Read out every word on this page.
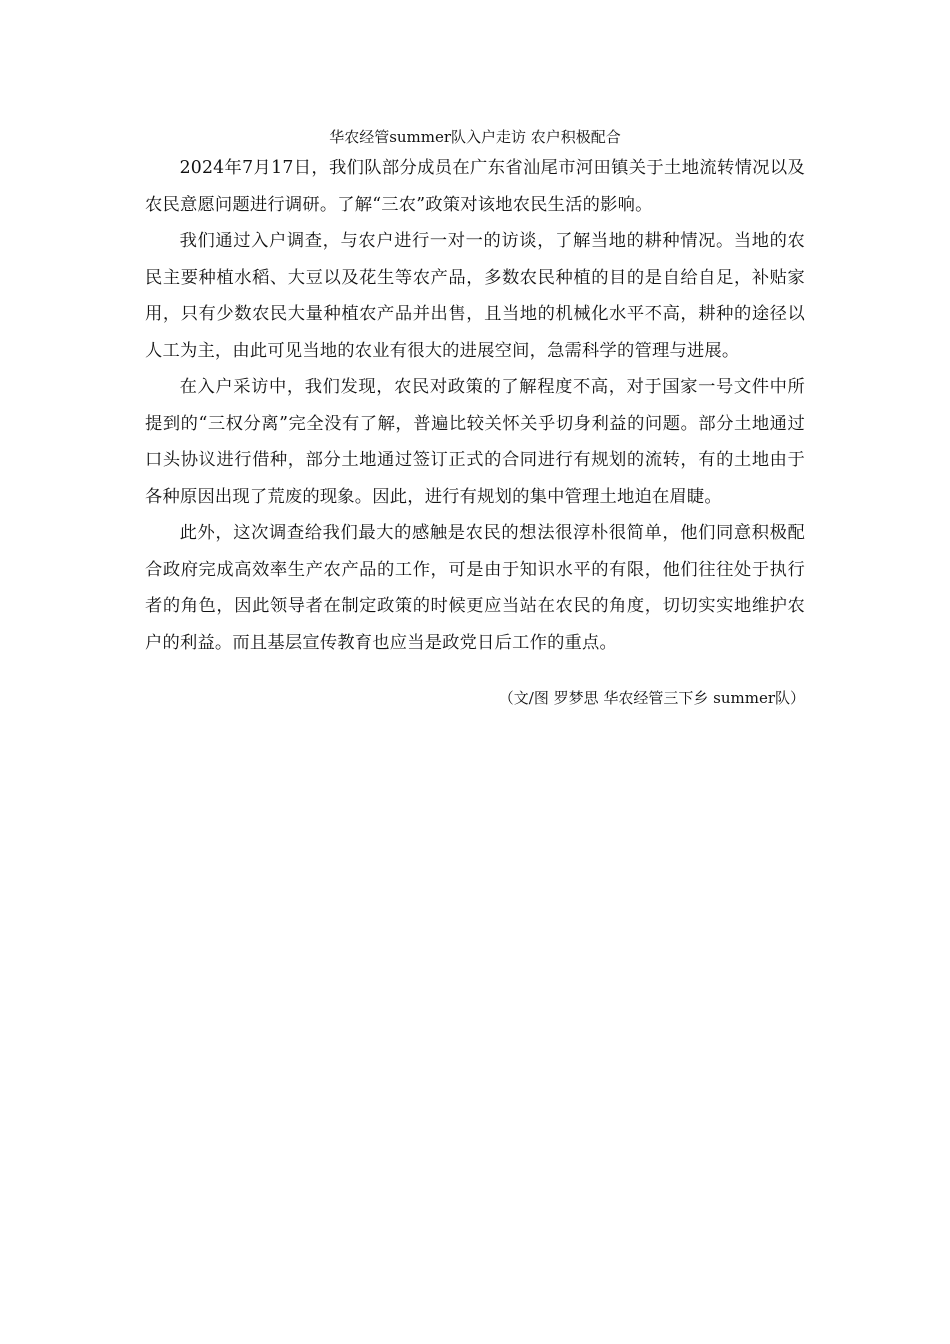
华农经管summer队入户走访 农户积极配合

2024年7月17日，我们队部分成员在广东省汕尾市河田镇关于土地流转情况以及农民意愿问题进行调研。了解“三农”政策对该地农民生活的影响。

我们通过入户调查，与农户进行一对一的访谈，了解当地的耕种情况。当地的农民主要种植水稻、大豆以及花生等农产品，多数农民种植的目的是自给自足，补贴家用，只有少数农民大量种植农产品并出售，且当地的机械化水平不高，耕种的途径以人工为主，由此可见当地的农业有很大的进展空间，急需科学的管理与进展。

在入户采访中，我们发现，农民对政策的了解程度不高，对于国家一号文件中所提到的“三权分离”完全没有了解，普遍比较关怀关乎切身利益的问题。部分土地通过口头协议进行借种，部分土地通过签订正式的合同进行有规划的流转，有的土地由于各种原因出现了荒废的现象。因此，进行有规划的集中管理土地迫在眉睫。

此外，这次调查给我们最大的感触是农民的想法很淳朴很简单，他们同意积极配合政府完成高效率生产农产品的工作，可是由于知识水平的有限，他们往往处于执行者的角色，因此领导者在制定政策的时候更应当站在农民的角度，切切实实地维护农户的利益。而且基层宣传教育也应当是政党日后工作的重点。

（文/图 罗梦思 华农经管三下乡 summer队）
